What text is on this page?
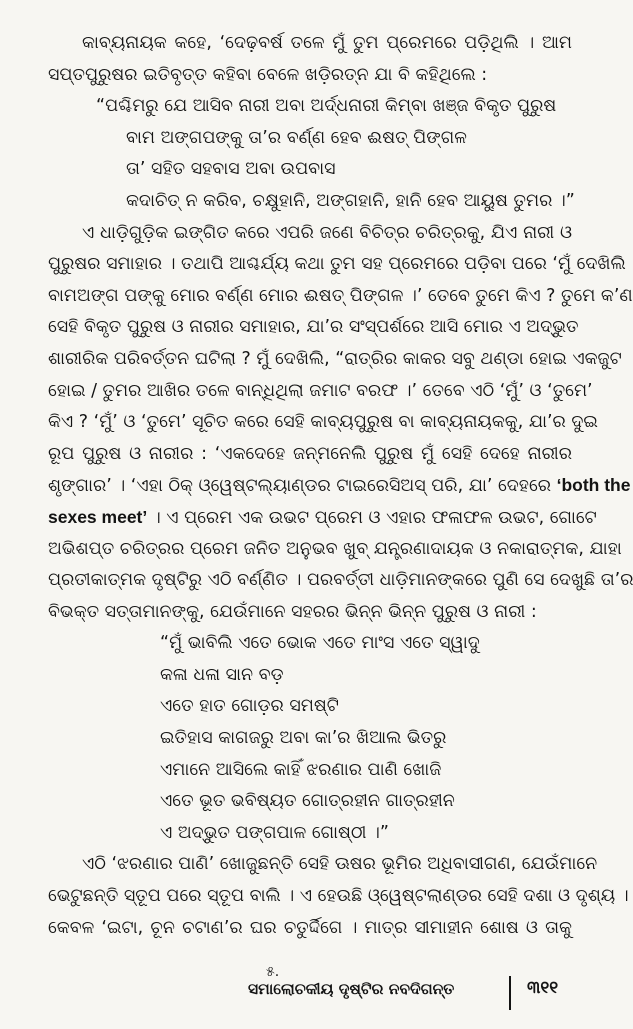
କାବ୍ୟନାୟକ କହେ, ‘ଦେଢ଼ବର୍ଷ ତଳେ ମୁଁ ତୁମ ପ୍ରେମରେ ପଡ଼ିଥିଲି । ଆମ
ସପ୍ତପୁରୁଷର ଇତିବୃତ୍ତ କହିବା ବେଳେ ଖଡ଼ିରତ୍ନ ଯା ବି କହିଥିଲେ :
“ପଶ୍ଚିମରୁ ଯେ ଆସିବ ନାରୀ ଅବା ଅର୍ଦ୍ଧନାରୀ କିମ୍ବା ଖଞ୍ଜ ବିକୃତ ପୁରୁଷ
ବାମ ଅଙ୍ଗପଙ୍କୁ ତା’ର ବର୍ଣ୍ଣ ହେବ ଈଷତ୍ ପିଙ୍ଗଳ
ତା’ ସହିତ ସହବାସ ଅବା ଉପବାସ
କଦାଚିତ୍ ନ କରିବ, ଚକ୍ଷୁହାନି, ଅଙ୍ଗହାନି, ହାନି ହେବ ଆୟୁଷ ତୁମର ।”
ଏ ଧାଡ଼ିଗୁଡ଼ିକ ଇଙ୍ଗିତ କରେ ଏପରି ଜଣେ ବିଚିତ୍ର ଚରିତ୍ରକୁ, ଯିଏ ନାରୀ ଓ
ପୁରୁଷର ସମାହାର । ତଥାପି ଆଶ୍ଚର୍ଯ୍ୟ କଥା ତୁମ ସହ ପ୍ରେମରେ ପଡ଼ିବା ପରେ ‘ମୁଁ ଦେଖିଲି
ବାମଅଙ୍ଗ ପଙ୍କୁ ମୋର ବର୍ଣ୍ଣ ମୋର ଈଷତ୍ ପିଙ୍ଗଳ ।’ ତେବେ ତୁମେ କିଏ ? ତୁମେ କ’ଣ
ସେହି ବିକୃତ ପୁରୁଷ ଓ ନାରୀର ସମାହାର, ଯା’ର ସଂସ୍ପର୍ଶରେ ଆସି ମୋର ଏ ଅଦ୍ଭୁତ
ଶାରୀରିକ ପରିବର୍ତ୍ତନ ଘଟିଲା ? ମୁଁ ଦେଖିଲି, “ରାତ୍ରିର କାକର ସବୁ ଥଣ୍ଡା ହୋଇ ଏକଜୁଟ
ହୋଇ / ତୁମର ଆଖିର ତଳେ ବାନ୍ଧିଥିଲା ଜମାଟ ବରଫ ।’ ତେବେ ଏଠି ‘ମୁଁ’ ଓ ‘ତୁମେ’
କିଏ ? ‘ମୁଁ’ ଓ ‘ତୁମେ’ ସୂଚିତ କରେ ସେହି କାବ୍ୟପୁରୁଷ ବା କାବ୍ୟନାୟକକୁ, ଯା’ର ଦୁଇ
ରୂପ ପୁରୁଷ ଓ ନାରୀର : ‘ଏକଦେହେ ଜନ୍ମନେଲି ପୁରୁଷ ମୁଁ ସେହି ଦେହେ ନାରୀର
ଶୃଙ୍ଗାର’ । ‘ଏହା ଠିକ୍ ଓ୍ୱେଷ୍ଟଲ୍ୟାଣ୍ଡର ଟାଇରେସିଅସ୍ ପରି, ଯା’ ଦେହରେ ‘both the
sexes meet’ । ଏ ପ୍ରେମ ଏକ ଉଭଟ ପ୍ରେମ ଓ ଏହାର ଫଳାଫଳ ଉଭଟ, ଗୋଟେ
ଅଭିଶପ୍ତ ଚରିତ୍ରର ପ୍ରେମ ଜନିତ ଅନୁଭବ ଖୁବ୍ ଯନ୍ତ୍ରଣାଦାୟକ ଓ ନକାରାତ୍ମକ, ଯାହା
ପ୍ରତୀକାତ୍ମକ ଦୃଷ୍ଟିରୁ ଏଠି ବର୍ଣ୍ଣିତ । ପରବର୍ତ୍ତୀ ଧାଡ଼ିମାନଙ୍କରେ ପୁଣି ସେ ଦେଖୁଛି ତା’ର
ବିଭକ୍ତ ସତ୍ତାମାନଙ୍କୁ, ଯେଉଁମାନେ ସହରର ଭିନ୍ନ ଭିନ୍ନ ପୁରୁଷ ଓ ନାରୀ :
“ମୁଁ ଭାବିଲି ଏତେ ଭୋକ ଏତେ ମାଂସ ଏତେ ସ୍ୱାଦୁ
କଳା ଧଳା ସାନ ବଡ଼
ଏତେ ହାତ ଗୋଡ଼ର ସମଷ୍ଟି
ଇତିହାସ କାଗଜରୁ ଅବା କା’ର ଖିଆଲ ଭିତରୁ
ଏମାନେ ଆସିଲେ କାହିଁ ଝରଣାର ପାଣି ଖୋଜି
ଏତେ ଭୂତ ଭବିଷ୍ୟତ ଗୋତ୍ରହୀନ ଗାତ୍ରହୀନ
ଏ ଅଦ୍ଭୁତ ପଙ୍ଗପାଳ ଗୋଷ୍ଠୀ ।”
ଏଠି ‘ଝରଣାର ପାଣି’ ଖୋଜୁଛନ୍ତି ସେହି ଊଷର ଭୂମିର ଅଧିବାସୀଗଣ, ଯେଉଁମାନେ
ଭେଟୁଛନ୍ତି ସ୍ତୂପ ପରେ ସ୍ତୂପ ବାଲି । ଏ ହେଉଛି ଓ୍ୱେଷ୍ଟଲାଣ୍ଡର ସେହି ଦଶା ଓ ଦୃଶ୍ୟ ।
କେବଳ ‘ଇଟା, ଚୂନ ଚଟାଣ’ର ଘର ଚତୁର୍ଦ୍ଦିଗେ । ମାତ୍ର ସୀମାହୀନ ଶୋଷ ଓ ତାକୁ
୫.
ସମାଲୋଚକୀୟ ଦୃଷ୍ଟିର ନବଦିଗନ୍ତ	୩୧୧
